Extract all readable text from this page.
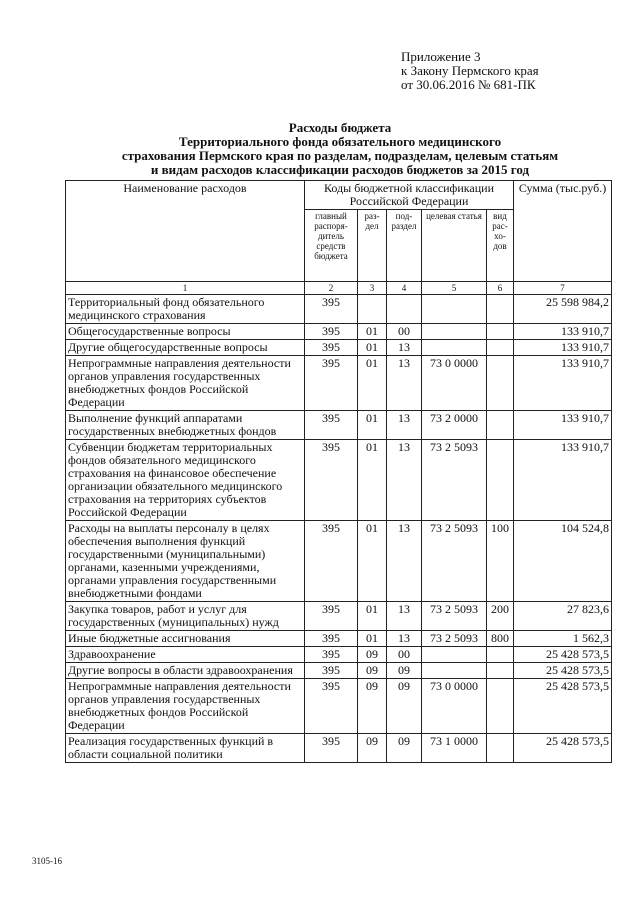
Приложение 3
к Закону Пермского края
от 30.06.2016 № 681-ПК
Расходы бюджета
Территориального фонда обязательного медицинского
страхования Пермского края по разделам, подразделам, целевым статьям
и видам расходов классификации расходов бюджетов за 2015 год
Наименование расходов	Коды бюджетной классификации Российской Федерации					Сумма (тыс.руб.)
	главный распоря- дитель средств бюджета	раз- дел	под- раздел	целевая статья	вид рас- хо- дов	
1	2	3	4	5	6	7
Территориальный фонд обязательного медицинского страхования	395					25 598 984,2
Общегосударственные вопросы	395	01	00			133 910,7
Другие общегосударственные вопросы	395	01	13			133 910,7
Непрограммные направления деятельности органов управления государственных внебюджетных фондов Российской Федерации	395	01	13	73 0 0000		133 910,7
Выполнение функций аппаратами государственных внебюджетных фондов	395	01	13	73 2 0000		133 910,7
Субвенции бюджетам территориальных фондов обязательного медицинского страхования на финансовое обеспечение организации обязательного медицинского страхования на территориях субъектов Российской Федерации	395	01	13	73 2 5093		133 910,7
Расходы на выплаты персоналу в целях обеспечения выполнения функций государственными (муниципальными) органами, казенными учреждениями, органами управления государственными внебюджетными фондами	395	01	13	73 2 5093	100	104 524,8
Закупка товаров, работ и услуг для государственных (муниципальных) нужд	395	01	13	73 2 5093	200	27 823,6
Иные бюджетные ассигнования	395	01	13	73 2 5093	800	1 562,3
Здравоохранение	395	09	00			25 428 573,5
Другие вопросы в области здравоохранения	395	09	09			25 428 573,5
Непрограммные направления деятельности органов управления государственных внебюджетных фондов Российской Федерации	395	09	09	73 0 0000		25 428 573,5
Реализация государственных функций в области социальной политики	395	09	09	73 1 0000		25 428 573,5
3105-16
